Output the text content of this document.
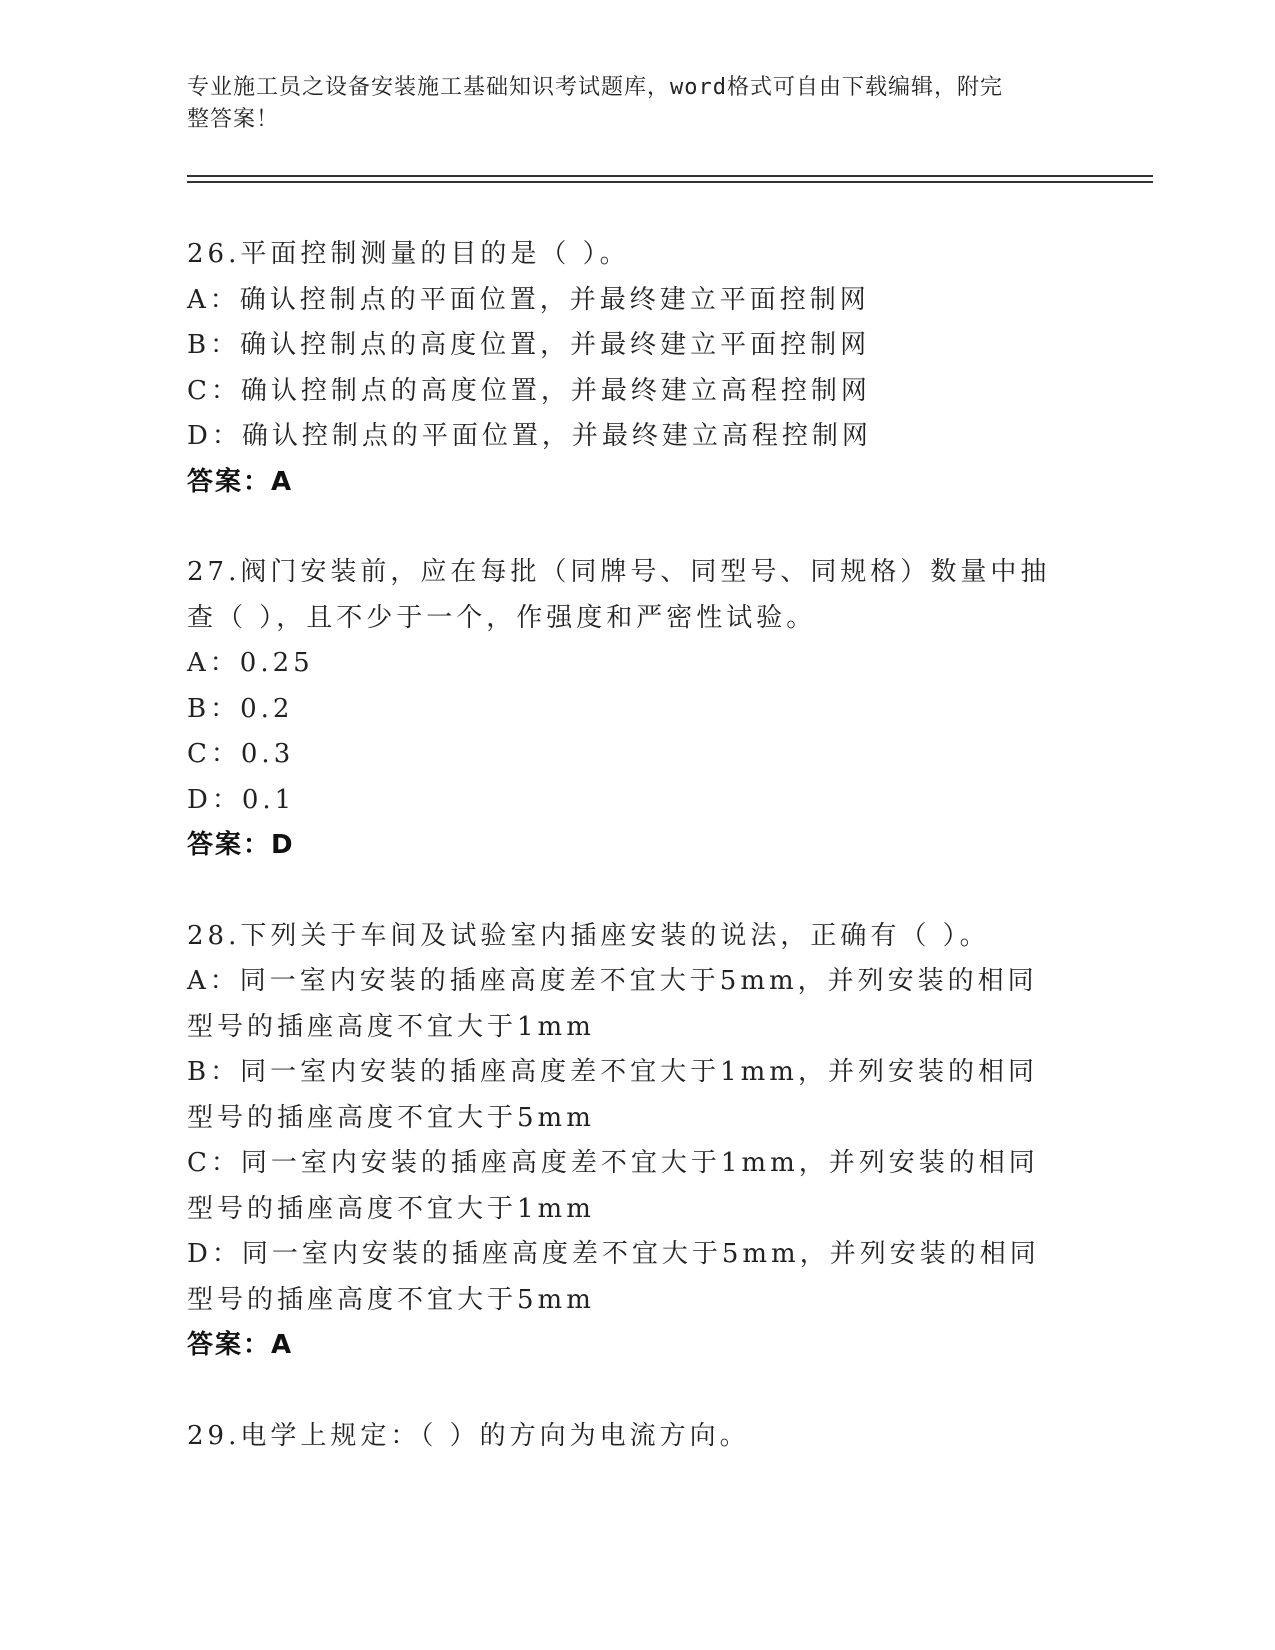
专业施工员之设备安装施工基础知识考试题库，word格式可自由下载编辑，附完
整答案！

26.平面控制测量的目的是（ ）。

A：确认控制点的平面位置，并最终建立平面控制网

B：确认控制点的高度位置，并最终建立平面控制网

C：确认控制点的高度位置，并最终建立高程控制网

D：确认控制点的平面位置，并最终建立高程控制网

答案：A

27.阀门安装前，应在每批（同牌号、同型号、同规格）数量中抽查（ ），且不少于一个，作强度和严密性试验。

A：0.25

B：0.2

C：0.3

D：0.1

答案：D

28.下列关于车间及试验室内插座安装的说法，正确有（ ）。

A：同一室内安装的插座高度差不宜大于5mm，并列安装的相同型号的插座高度不宜大于1mm

B：同一室内安装的插座高度差不宜大于1mm，并列安装的相同型号的插座高度不宜大于5mm

C：同一室内安装的插座高度差不宜大于1mm，并列安装的相同型号的插座高度不宜大于1mm

D：同一室内安装的插座高度差不宜大于5mm，并列安装的相同型号的插座高度不宜大于5mm

答案：A

29.电学上规定：（ ）的方向为电流方向。
